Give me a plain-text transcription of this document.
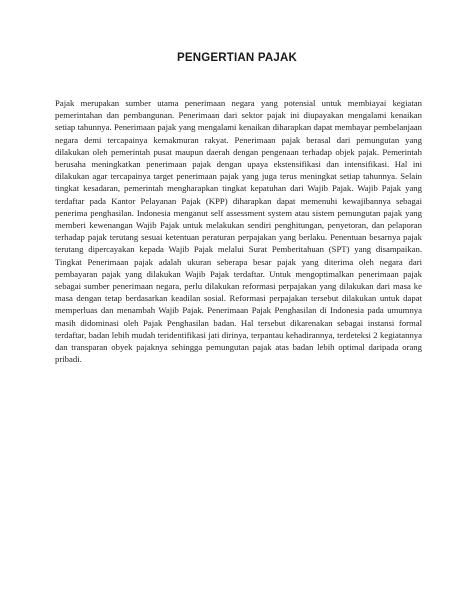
PENGERTIAN PAJAK

Pajak merupakan sumber utama penerimaan negara yang potensial untuk membiayai kegiatan pemerintahan dan pembangunan. Penerimaan dari sektor pajak ini diupayakan mengalami kenaikan setiap tahunnya. Penerimaan pajak yang mengalami kenaikan diharapkan dapat membayar pembelanjaan negara demi tercapainya kemakmuran rakyat. Penerimaan pajak berasal dari pemungutan yang dilakukan oleh pemerintah pusat maupun daerah dengan pengenaan terhadap objek pajak. Pemerintah berusaha meningkatkan penerimaan pajak dengan upaya ekstensifikasi dan intensifikasi. Hal ini dilakukan agar tercapainya target penerimaan pajak yang juga terus meningkat setiap tahunnya. Selain tingkat kesadaran, pemerintah mengharapkan tingkat kepatuhan dari Wajib Pajak. Wajib Pajak yang terdaftar pada Kantor Pelayanan Pajak (KPP) diharapkan dapat memenuhi kewajibannya sebagai penerima penghasilan. Indonesia menganut self assessment system atau sistem pemungutan pajak yang memberi kewenangan Wajib Pajak untuk melakukan sendiri penghitungan, penyetoran, dan pelaporan terhadap pajak terutang sesuai ketentuan peraturan perpajakan yang berlaku. Penentuan besarnya pajak terutang dipercayakan kepada Wajib Pajak melalui Surat Pemberitahuan (SPT) yang disampaikan. Tingkat Penerimaan pajak adalah ukuran seberapa besar pajak yang diterima oleh negara dari pembayaran pajak yang dilakukan Wajib Pajak terdaftar. Untuk mengoptimalkan penerimaan pajak sebagai sumber penerimaan negara, perlu dilakukan reformasi perpajakan yang dilakukan dari masa ke masa dengan tetap berdasarkan keadilan sosial. Reformasi perpajakan tersebut dilakukan untuk dapat memperluas dan menambah Wajib Pajak. Penerimaan Pajak Penghasilan di Indonesia pada umumnya masih didominasi oleh Pajak Penghasilan badan. Hal tersebut dikarenakan sebagai instansi formal terdaftar, badan lebih mudah teridentifikasi jati dirinya, terpantau kehadirannya, terdeteksi 2 kegiatannya dan transparan obyek pajaknya sehingga pemungutan pajak atas badan lebih optimal daripada orang pribadi.
